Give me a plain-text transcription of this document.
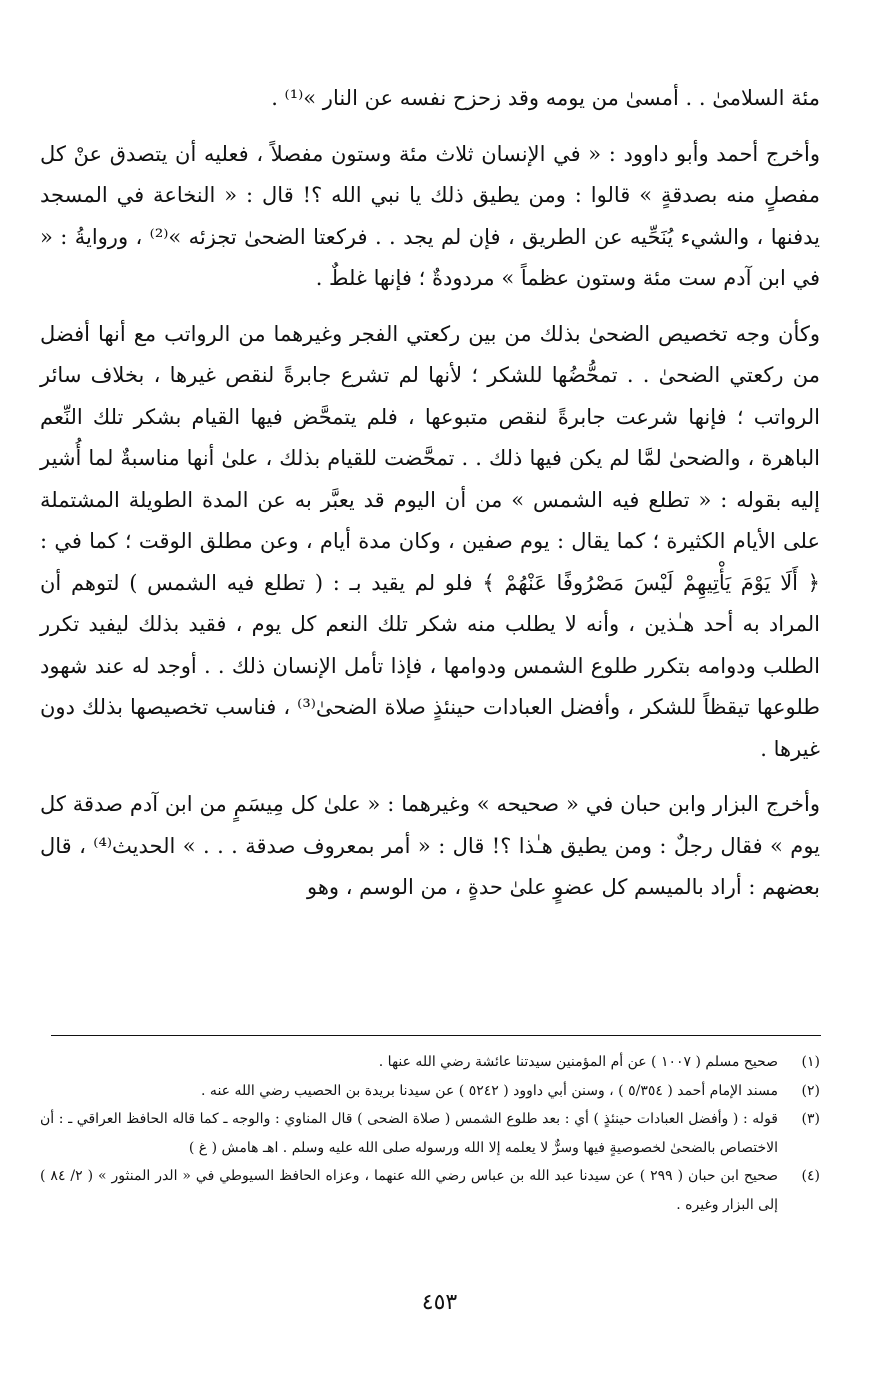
مئة السلامىٰ . . أمسىٰ من يومه وقد زحزح نفسه عن النار »⁽¹⁾ .

وأخرج أحمد وأبو داوود : « في الإنسان ثلاث مئة وستون مفصلاً ، فعليه أن يتصدق عنْ كل مفصلٍ منه بصدقةٍ » قالوا : ومن يطيق ذلك يا نبي الله ؟! قال : « النخاعة في المسجد يدفنها ، والشيء يُنَحِّيه عن الطريق ، فإن لم يجد . . فركعتا الضحىٰ تجزئه »⁽²⁾ ، وروايةُ : « في ابن آدم ست مئة وستون عظماً » مردودةٌ ؛ فإنها غلطٌ .

وكأن وجه تخصيص الضحىٰ بذلك من بين ركعتي الفجر وغيرهما من الرواتب مع أنها أفضل من ركعتي الضحىٰ . . تمحُّضُها للشكر ؛ لأنها لم تشرع جابرةً لنقص غيرها ، بخلاف سائر الرواتب ؛ فإنها شرعت جابرةً لنقص متبوعها ، فلم يتمحَّض فيها القيام بشكر تلك النِّعم الباهرة ، والضحىٰ لمَّا لم يكن فيها ذلك . . تمحَّضت للقيام بذلك ، علىٰ أنها مناسبةٌ لما أُشير إليه بقوله : « تطلع فيه الشمس » من أن اليوم قد يعبَّر به عن المدة الطويلة المشتملة على الأيام الكثيرة ؛ كما يقال : يوم صفين ، وكان مدة أيام ، وعن مطلق الوقت ؛ كما في : ﴿ أَلَا يَوْمَ يَأْتِيهِمْ لَيْسَ مَصْرُوفًا عَنْهُمْ ﴾ فلو لم يقيد بـ : ( تطلع فيه الشمس ) لتوهم أن المراد به أحد هـٰذين ، وأنه لا يطلب منه شكر تلك النعم كل يوم ، فقيد بذلك ليفيد تكرر الطلب ودوامه بتكرر طلوع الشمس ودوامها ، فإذا تأمل الإنسان ذلك . . أوجد له عند شهود طلوعها تيقظاً للشكر ، وأفضل العبادات حينئذٍ صلاة الضحىٰ⁽³⁾ ، فناسب تخصيصها بذلك دون غيرها .

وأخرج البزار وابن حبان في « صحيحه » وغيرهما : « علىٰ كل مِيسَمٍ من ابن آدم صدقة كل يوم » فقال رجلٌ : ومن يطيق هـٰذا ؟! قال : « أمر بمعروف صدقة . . . » الحديث⁽⁴⁾ ، قال بعضهم : أراد بالميسم كل عضوٍ علىٰ حدةٍ ، من الوسم ، وهو

(١)
صحيح مسلم ( ١٠٠٧ ) عن أم المؤمنين سيدتنا عائشة رضي الله عنها .
(٢)
مسند الإمام أحمد ( ٥/٣٥٤ ) ، وسنن أبي داوود ( ٥٢٤٢ ) عن سيدنا بريدة بن الحصيب رضي الله عنه .
(٣)
قوله : ( وأفضل العبادات حينئذٍ ) أي : بعد طلوع الشمس ( صلاة الضحى ) قال المناوي : والوجه ـ كما قاله الحافظ العراقي ـ : أن الاختصاص بالضحىٰ لخصوصيةٍ فيها وسرٌّ لا يعلمه إلا الله ورسوله صلى الله عليه وسلم . اهـ هامش ( غ )
(٤)
صحيح ابن حبان ( ٢٩٩ ) عن سيدنا عبد الله بن عباس رضي الله عنهما ، وعزاه الحافظ السيوطي في « الدر المنثور » ( ٢/ ٨٤ ) إلى البزار وغيره .
٤٥٣
